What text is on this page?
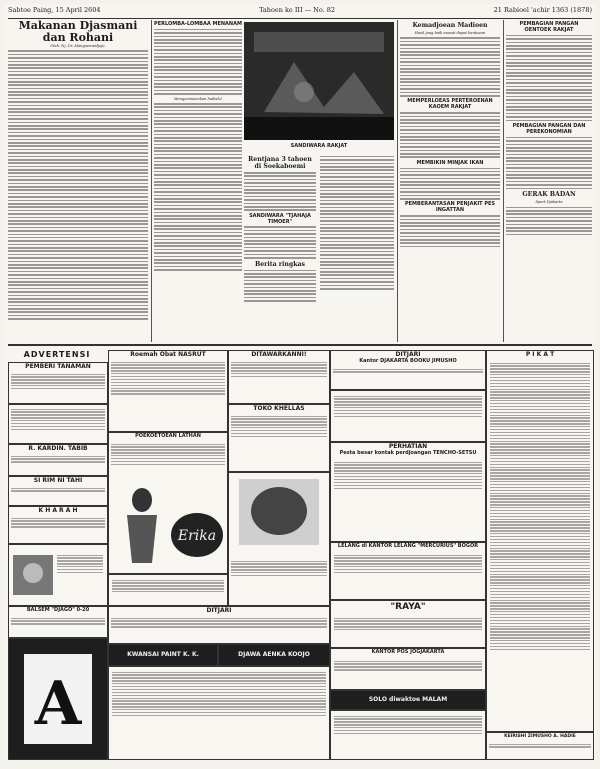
Sabtoe Paing, 15 April 2604	Tahoen ke III — No. 82	21 Rabioel 'achir 1363 (1878)
Makanan Djasmani dan Rohani
Oleh: Nj. Dr. Mangoenwidjojo.
PERLOMBA-LOMBAA MENANAM
Mengoemoemkan hadiah2
SANDIWARA RAKJAT
Rentjana 3 tahoen di Soekaboemi
SANDIWARA "TJAHAJA TIMOER"
Berita ringkas
Kemadjoean Madioen
Hasil jang baik moesti dapat bantoean
MEMPERLOEAS PERTEROENAN KAOEM RAKJAT
MEMBIKIN MINJAK IKAN
PEMBERANTASAN PENJAKIT PES INGATTAN
PEMBAGIAN PANGAN OENTOEK RAKJAT
PEMBAGIAN PANGAN DAN PEREKONOMIAN
GERAK BADAN
Sport Djakarta
ADVERTENSI
PEMBERI TANAMAN
R. KARDIN. TABIB
SI RIM NI TAHI
K H A R A H
BALSEM "DJAGO" 0-20
A
Roemah Obat NASRUT
POEKOETOEAN LATHAN
Erika
DITAWARKANNI!
TOKO KHELLAS
DITJARI
Kantor DJAKARTA BOOKU JIMUSHO
PERHATIAN
Pesta besar kontak perdjoangan TENCHO-SETSU
LELANG di KANTOR LELANG "MERCURIUS" BOGOR
"RAYA"
KANTOR POS JOGJAKARTA
SOLO diwaktoe MALAM
P I K A T
KEIRISHI ZIMUSHO A. HADIE
DITJARI
KWANSAI PAINT K. K.	DJAWA AENKA KOOJO
